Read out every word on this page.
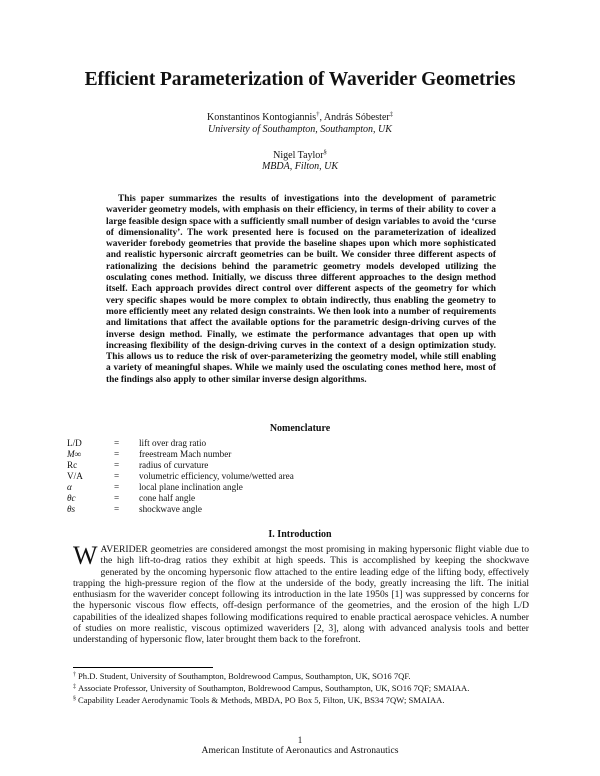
Efficient Parameterization of Waverider Geometries
Konstantinos Kontogiannis†, András Sóbester‡
University of Southampton, Southampton, UK
Nigel Taylor§
MBDA, Filton, UK

This paper summarizes the results of investigations into the development of parametric waverider geometry models, with emphasis on their efficiency, in terms of their ability to cover a large feasible design space with a sufficiently small number of design variables to avoid the ‘curse of dimensionality’. The work presented here is focused on the parameterization of idealized waverider forebody geometries that provide the baseline shapes upon which more sophisticated and realistic hypersonic aircraft geometries can be built. We consider three different aspects of rationalizing the decisions behind the parametric geometry models developed utilizing the osculating cones method. Initially, we discuss three different approaches to the design method itself. Each approach provides direct control over different aspects of the geometry for which very specific shapes would be more complex to obtain indirectly, thus enabling the geometry to more efficiently meet any related design constraints. We then look into a number of requirements and limitations that affect the available options for the parametric design-driving curves of the inverse design method. Finally, we estimate the performance advantages that open up with increasing flexibility of the design-driving curves in the context of a design optimization study. This allows us to reduce the risk of over-parameterizing the geometry model, while still enabling a variety of meaningful shapes. While we mainly used the osculating cones method here, most of the findings also apply to other similar inverse design algorithms.

Nomenclature
L/D	= lift over drag ratio
M∞	= freestream Mach number
Rc	= radius of curvature
V/A	= volumetric efficiency, volume/wetted area
α	= local plane inclination angle
θc	= cone half angle
θs	= shockwave angle
I. Introduction
W AVERIDER geometries are considered amongst the most promising in making hypersonic flight viable due to the high lift-to-drag ratios they exhibit at high speeds. This is accomplished by keeping the shockwave generated by the oncoming hypersonic flow attached to the entire leading edge of the lifting body, effectively trapping the high-pressure region of the flow at the underside of the body, greatly increasing the lift. The initial enthusiasm for the waverider concept following its introduction in the late 1950s [1] was suppressed by concerns for the hypersonic viscous flow effects, off-design performance of the geometries, and the erosion of the high L/D capabilities of the idealized shapes following modifications required to enable practical aerospace vehicles. A number of studies on more realistic, viscous optimized waveriders [2, 3], along with advanced analysis tools and better understanding of hypersonic flow, later brought them back to the forefront.

† Ph.D. Student, University of Southampton, Boldrewood Campus, Southampton, UK, SO16 7QF.
‡ Associate Professor, University of Southampton, Boldrewood Campus, Southampton, UK, SO16 7QF; SMAIAA.
§ Capability Leader Aerodynamic Tools & Methods, MBDA, PO Box 5, Filton, UK, BS34 7QW; SMAIAA.
1
American Institute of Aeronautics and Astronautics
